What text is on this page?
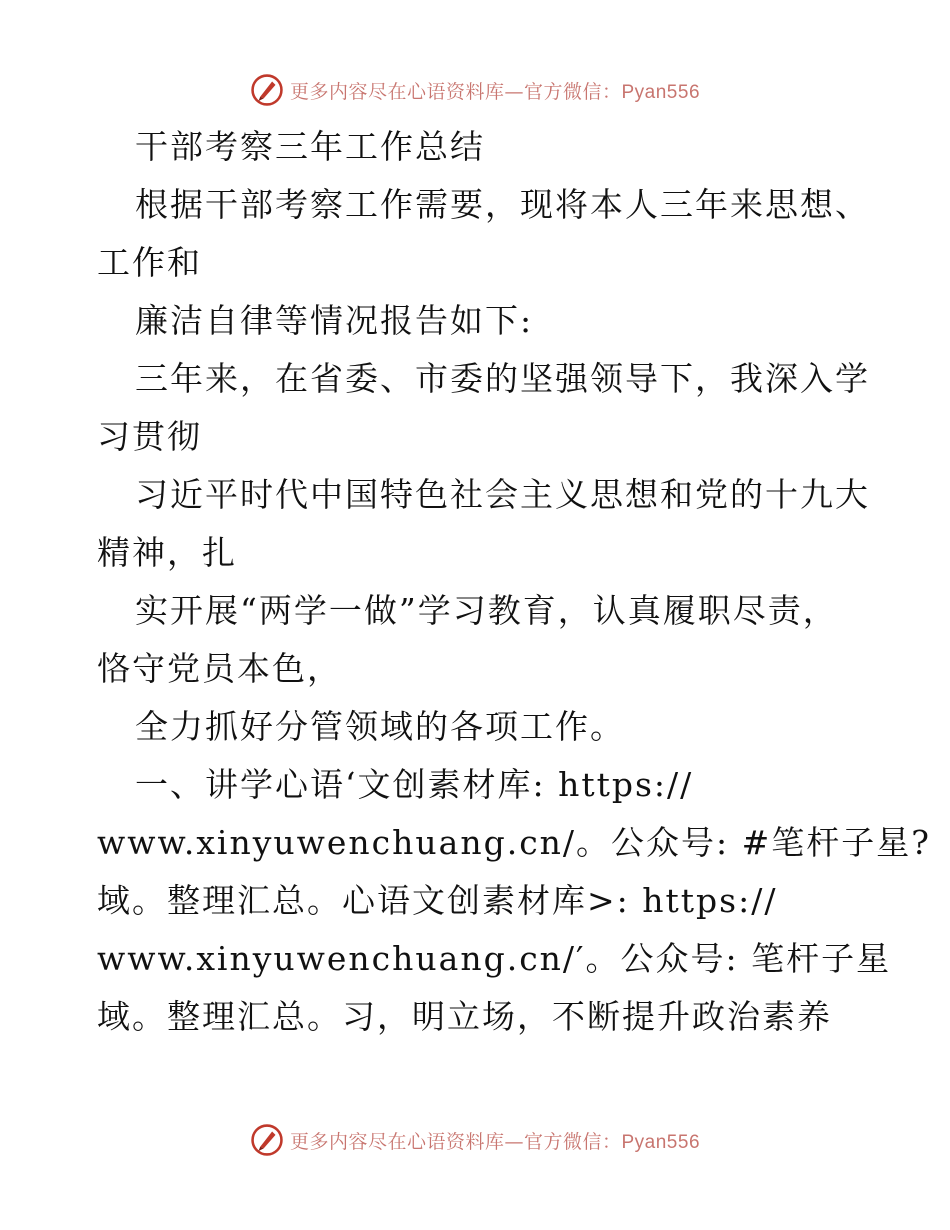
更多内容尽在心语资料库—官方微信：Pyan556
干部考察三年工作总结
根据干部考察工作需要，现将本人三年来思想、
工作和
廉洁自律等情况报告如下:
三年来，在省委、市委的坚强领导下，我深入学
习贯彻
习近平时代中国特色社会主义思想和党的十九大
精神，扎
实开展“两学一做”学习教育，认真履职尽责，
恪守党员本色，
全力抓好分管领域的各项工作。
一、讲学心语‘文创素材库: https://
www.xinyuwenchuang.cn/。公众号: #笔杆子星?
域。整理汇总。心语文创素材库>: https://
www.xinyuwenchuang.cn/′。公众号: 笔杆子星
域。整理汇总。习，明立场，不断提升政治素养
更多内容尽在心语资料库—官方微信：Pyan556
